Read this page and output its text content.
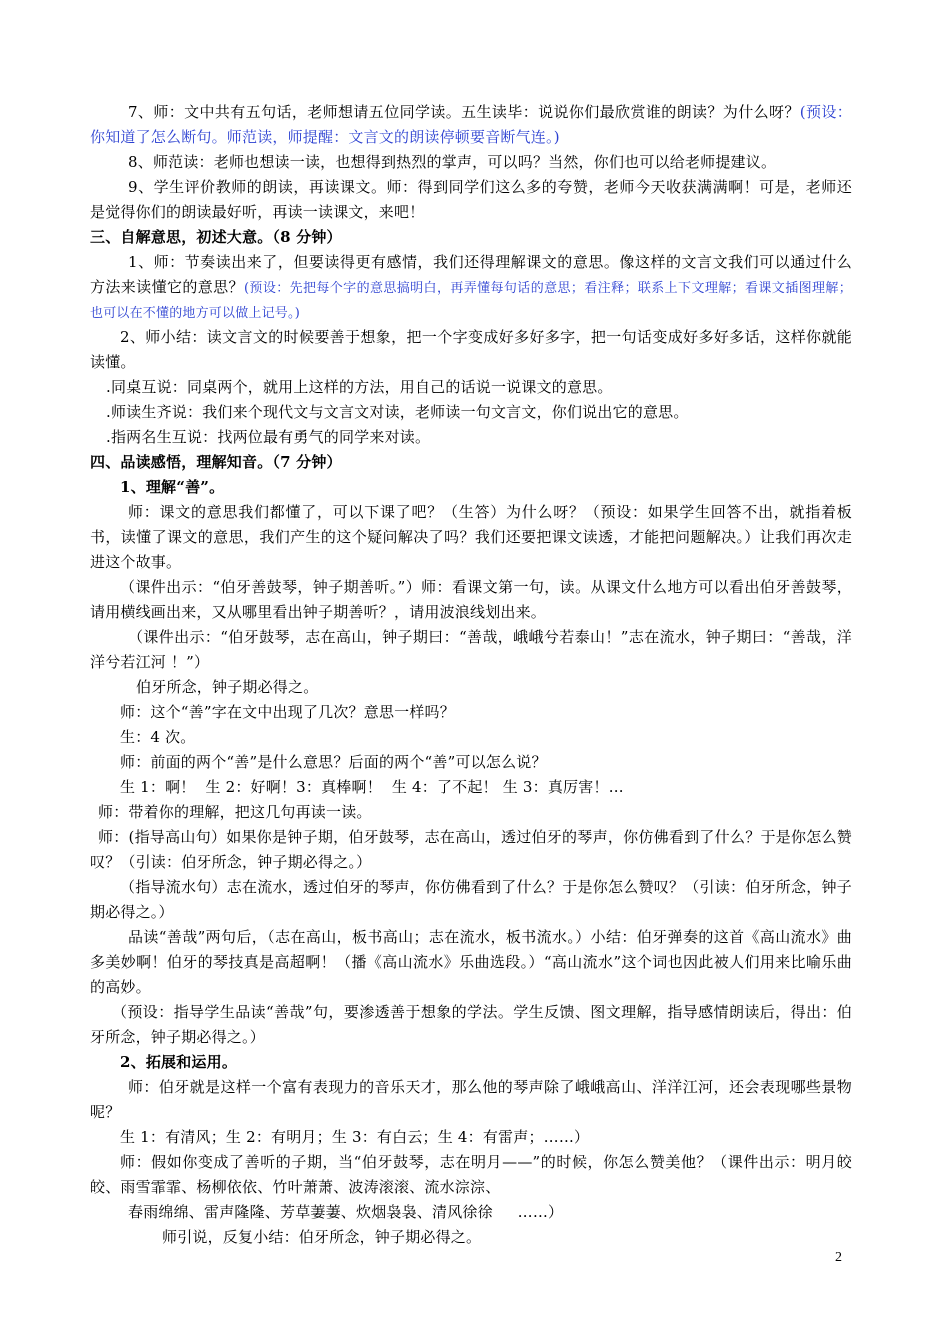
7、师：文中共有五句话，老师想请五位同学读。五生读毕：说说你们最欣赏谁的朗读？为什么呀？(预设：你知道了怎么断句。师范读，师提醒：文言文的朗读停顿要音断气连。)

8、师范读：老师也想读一读，也想得到热烈的掌声，可以吗？当然，你们也可以给老师提建议。

9、学生评价教师的朗读，再读课文。师：得到同学们这么多的夸赞，老师今天收获满满啊！可是，老师还是觉得你们的朗读最好听，再读一读课文，来吧！

三、自解意思，初述大意。（8 分钟）

1、师：节奏读出来了，但要读得更有感情，我们还得理解课文的意思。像这样的文言文我们可以通过什么方法来读懂它的意思？(预设：先把每个字的意思搞明白，再弄懂每句话的意思；看注释；联系上下文理解；看课文插图理解；也可以在不懂的地方可以做上记号。)

2、师小结：读文言文的时候要善于想象，把一个字变成好多好多字，把一句话变成好多好多话，这样你就能读懂。

.同桌互说：同桌两个，就用上这样的方法，用自己的话说一说课文的意思。

.师读生齐说：我们来个现代文与文言文对读，老师读一句文言文，你们说出它的意思。

.指两名生互说：找两位最有勇气的同学来对读。

四、品读感悟，理解知音。（7 分钟）

1、理解“善”。

师：课文的意思我们都懂了，可以下课了吧？（生答）为什么呀？（预设：如果学生回答不出，就指着板书，读懂了课文的意思，我们产生的这个疑问解决了吗？我们还要把课文读透，才能把问题解决。）让我们再次走进这个故事。

（课件出示：“伯牙善鼓琴，钟子期善听。”）师：看课文第一句，读。从课文什么地方可以看出伯牙善鼓琴，请用横线画出来，又从哪里看出钟子期善听？，请用波浪线划出来。

（课件出示：“伯牙鼓琴，志在高山，钟子期曰：“善哉，峨峨兮若泰山！”志在流水，钟子期曰：“善哉，洋洋兮若江河 ！”）

伯牙所念，钟子期必得之。

师：这个“善”字在文中出现了几次？意思一样吗？

生：4 次。

师：前面的两个“善”是什么意思？后面的两个“善”可以怎么说？

生 1：啊！  生 2：好啊！3：真棒啊！  生 4：了不起！ 生 3：真厉害！…

师：带着你的理解，把这几句再读一读。

师：(指导高山句）如果你是钟子期，伯牙鼓琴，志在高山，透过伯牙的琴声，你仿佛看到了什么？于是你怎么赞叹？（引读：伯牙所念，钟子期必得之。）

（指导流水句）志在流水，透过伯牙的琴声，你仿佛看到了什么？于是你怎么赞叹？（引读：伯牙所念，钟子期必得之。）

品读“善哉”两句后，（志在高山，板书高山；志在流水，板书流水。）小结：伯牙弹奏的这首《高山流水》曲多美妙啊！伯牙的琴技真是高超啊！（播《高山流水》乐曲选段。）“高山流水”这个词也因此被人们用来比喻乐曲的高妙。

（预设：指导学生品读“善哉”句，要渗透善于想象的学法。学生反馈、图文理解，指导感情朗读后，得出：伯牙所念，钟子期必得之。）

2、拓展和运用。

师：伯牙就是这样一个富有表现力的音乐天才，那么他的琴声除了峨峨高山、洋洋江河，还会表现哪些景物呢？

生 1：有清风；生 2：有明月；生 3：有白云；生 4：有雷声；……）

师：假如你变成了善听的子期，当“伯牙鼓琴，志在明月——”的时候，你怎么赞美他？（课件出示：明月皎皎、雨雪霏霏、杨柳依依、竹叶萧萧、波涛滚滚、流水淙淙、

春雨绵绵、雷声隆隆、芳草萋萋、炊烟袅袅、清风徐徐     ……）

师引说，反复小结：伯牙所念，钟子期必得之。

2
